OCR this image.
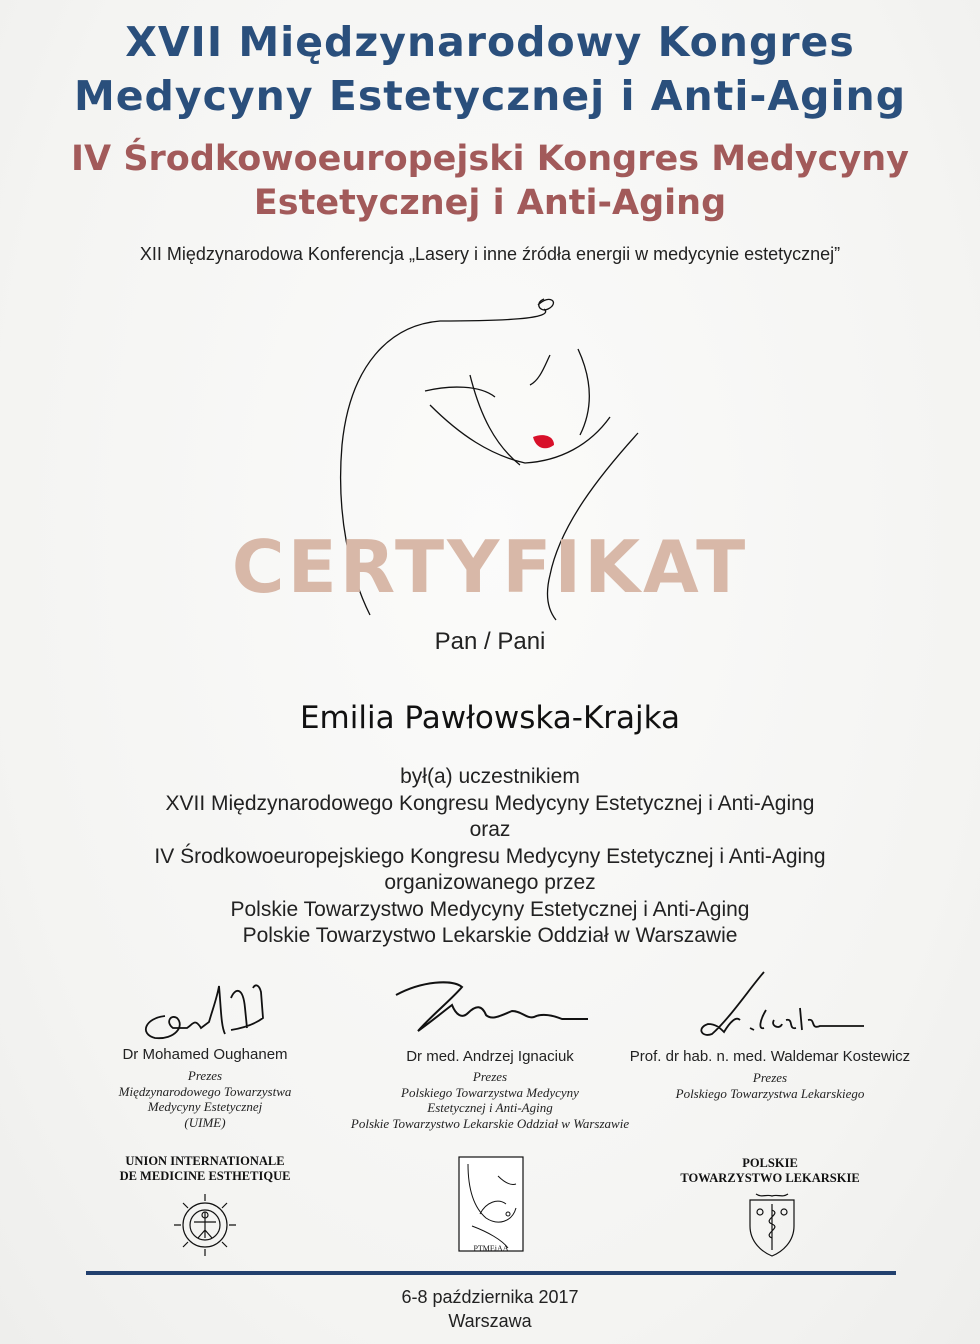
XVII Międzynarodowy Kongres
Medycyny Estetycznej i Anti-Aging
IV Środkowoeuropejski Kongres Medycyny
Estetycznej i Anti-Aging
XII Międzynarodowa Konferencja „Lasery i inne źródła energii w medycynie estetycznej”
CERTYFIKAT
Pan / Pani
Emilia Pawłowska-Krajka
był(a) uczestnikiem
XVII Międzynarodowego Kongresu Medycyny Estetycznej i Anti-Aging
oraz
IV Środkowoeuropejskiego Kongresu Medycyny Estetycznej i Anti-Aging
organizowanego przez
Polskie Towarzystwo Medycyny Estetycznej i Anti-Aging
Polskie Towarzystwo Lekarskie Oddział w Warszawie
Dr Mohamed Oughanem
Prezes
Międzynarodowego Towarzystwa
Medycyny Estetycznej
(UIME)
Dr med. Andrzej Ignaciuk
Prezes
Polskiego Towarzystwa Medycyny
Estetycznej i Anti-Aging
Polskie Towarzystwo Lekarskie Oddział w Warszawie
Prof. dr hab. n. med. Waldemar Kostewicz
Prezes
Polskiego Towarzystwa Lekarskiego
UNION INTERNATIONALE
DE MEDICINE ESTHETIQUE
PTMEiAA
POLSKIE
TOWARZYSTWO LEKARSKIE
6-8 października 2017
Warszawa
